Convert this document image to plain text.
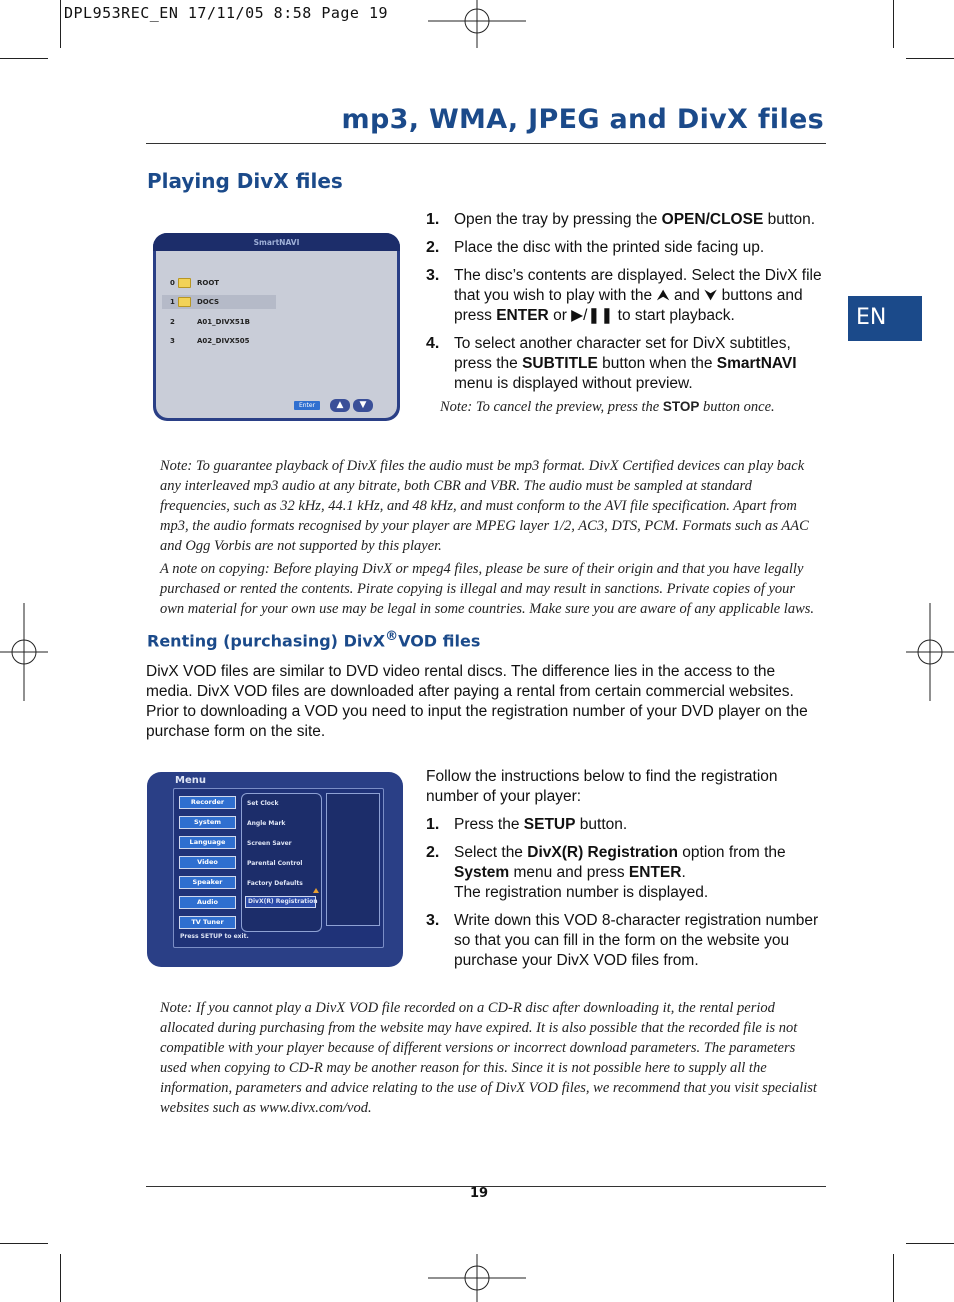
DPL953REC_EN 17/11/05 8:58 Page 19
mp3, WMA, JPEG and DivX files
EN
Playing DivX files
SmartNAVI
0	ROOT
1	DOCS
2	A01_DIVX51B
3	A02_DIVX505
Enter	▲	▼
1. Open the tray by pressing the OPEN/CLOSE button.
2. Place the disc with the printed side facing up.
3. The disc’s contents are displayed. Select the DivX file that you wish to play with the ⮝ and ⮟ buttons and press ENTER or ▶/❚❚ to start playback.
4. To select another character set for DivX subtitles, press the SUBTITLE button when the SmartNAVI menu is displayed without preview.
Note: To cancel the preview, press the STOP button once.

Note: To guarantee playback of DivX files the audio must be mp3 format. DivX Certified devices can play back any interleaved mp3 audio at any bitrate, both CBR and VBR. The audio must be sampled at standard frequencies, such as 32 kHz, 44.1 kHz, and 48 kHz, and must conform to the AVI file specification. Apart from mp3, the audio formats recognised by your player are MPEG layer 1/2, AC3, DTS, PCM. Formats such as AAC and Ogg Vorbis are not supported by this player.

A note on copying: Before playing DivX or mpeg4 files, please be sure of their origin and that you have legally purchased or rented the contents. Pirate copying is illegal and may result in sanctions. Private copies of your own material for your own use may be legal in some countries. Make sure you are aware of any applicable laws.

Renting (purchasing) DivX®VOD files

DivX VOD files are similar to DVD video rental discs. The difference lies in the access to the media. DivX VOD files are downloaded after paying a rental from certain commercial websites. Prior to downloading a VOD you need to input the registration number of your DVD player on the purchase form on the site.

Menu
Recorder
System
Language
Video
Speaker
Audio
TV Tuner
Set Clock
Angle Mark
Screen Saver
Parental Control
Factory Defaults
DivX(R) Registration
Press SETUP to exit.

Follow the instructions below to find the registration number of your player:

1. Press the SETUP button.
2. Select the DivX(R) Registration option from the System menu and press ENTER.
The registration number is displayed.
3. Write down this VOD 8-character registration number so that you can fill in the form on the website you purchase your DivX VOD files from.

Note: If you cannot play a DivX VOD file recorded on a CD-R disc after downloading it, the rental period allocated during purchasing from the website may have expired. It is also possible that the recorded file is not compatible with your player because of different versions or incorrect download parameters. The parameters used when copying to CD-R may be another reason for this. Since it is not possible here to supply all the information, parameters and advice relating to the use of DivX VOD files, we recommend that you visit specialist websites such as www.divx.com/vod.

19
